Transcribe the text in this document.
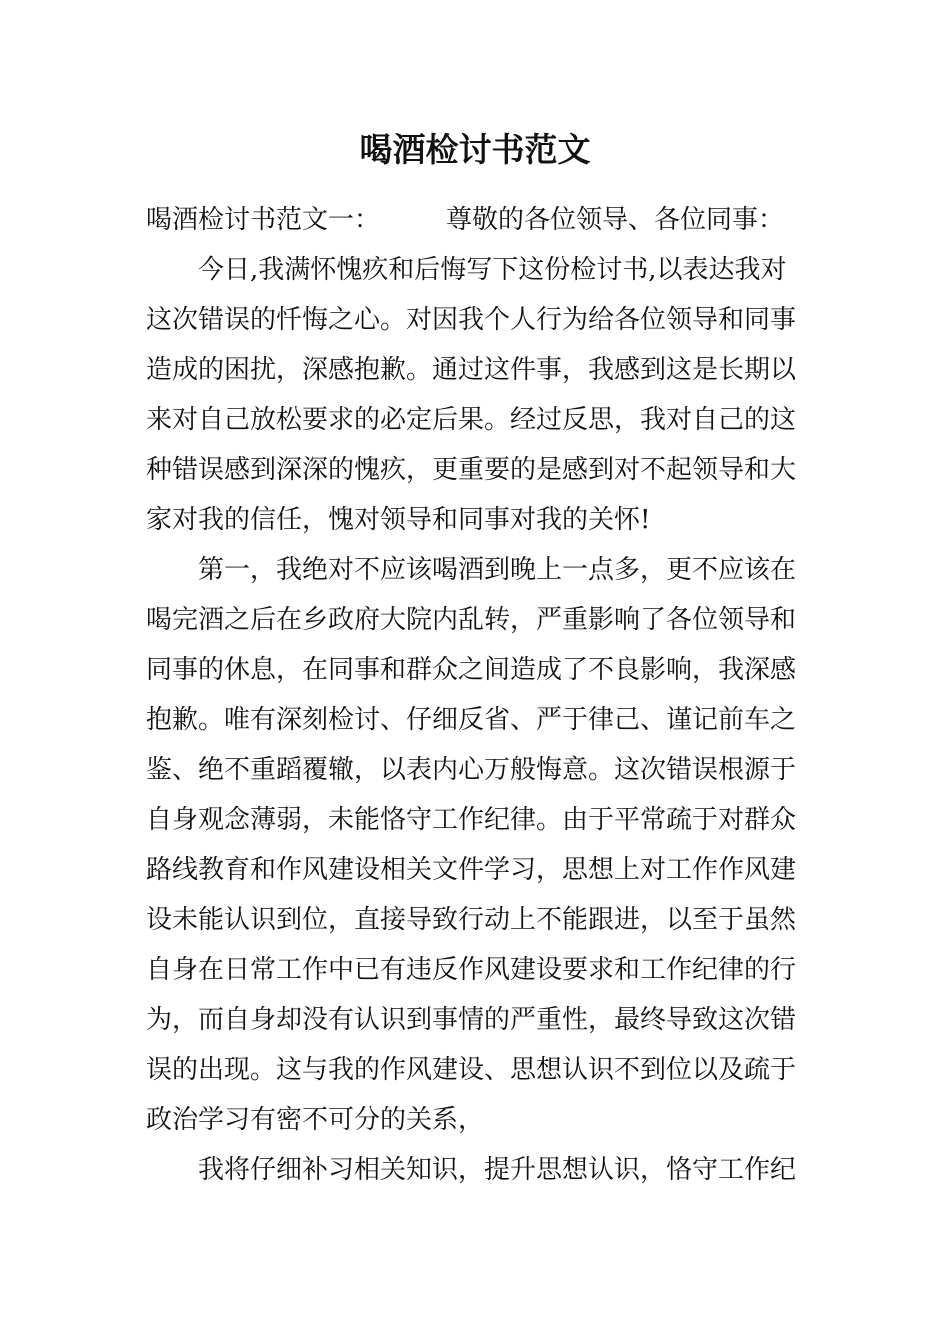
喝酒检讨书范文
喝酒检讨书范文一：	尊敬的各位领导、各位同事：
今日,我满怀愧疚和后悔写下这份检讨书,以表达我对
这次错误的忏悔之心。对因我个人行为给各位领导和同事
造成的困扰，深感抱歉。通过这件事，我感到这是长期以
来对自己放松要求的必定后果。经过反思，我对自己的这
种错误感到深深的愧疚，更重要的是感到对不起领导和大
家对我的信任，愧对领导和同事对我的关怀!
第一，我绝对不应该喝酒到晚上一点多，更不应该在
喝完酒之后在乡政府大院内乱转，严重影响了各位领导和
同事的休息，在同事和群众之间造成了不良影响，我深感
抱歉。唯有深刻检讨、仔细反省、严于律己、谨记前车之
鉴、绝不重蹈覆辙，以表内心万般悔意。这次错误根源于
自身观念薄弱，未能恪守工作纪律。由于平常疏于对群众
路线教育和作风建设相关文件学习，思想上对工作作风建
设未能认识到位，直接导致行动上不能跟进，以至于虽然
自身在日常工作中已有违反作风建设要求和工作纪律的行
为，而自身却没有认识到事情的严重性，最终导致这次错
误的出现。这与我的作风建设、思想认识不到位以及疏于
政治学习有密不可分的关系，
我将仔细补习相关知识，提升思想认识，恪守工作纪
